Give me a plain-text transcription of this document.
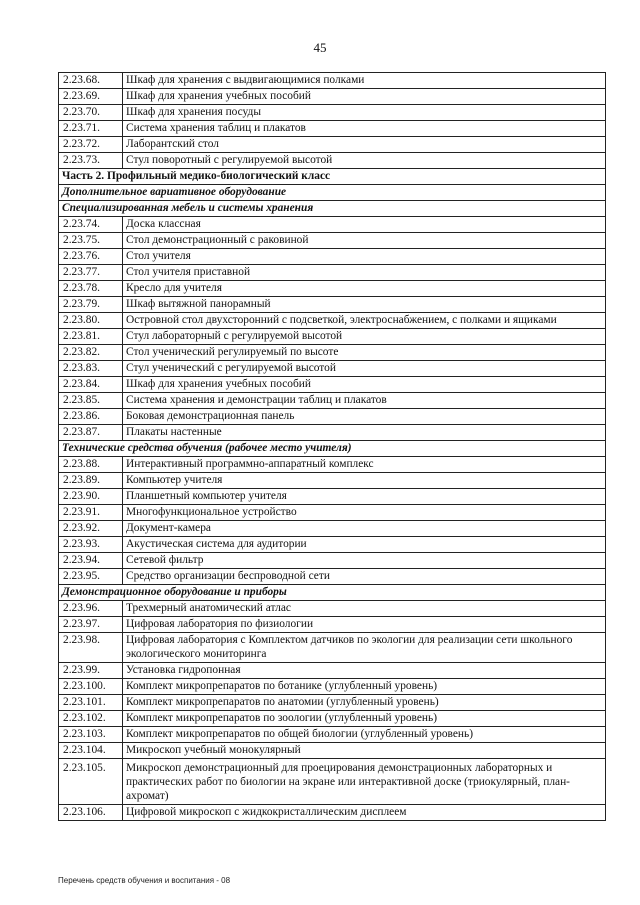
45
2.23.68.	Шкаф для хранения с выдвигающимися полками
2.23.69.	Шкаф для хранения учебных пособий
2.23.70.	Шкаф для хранения посуды
2.23.71.	Система хранения таблиц и плакатов
2.23.72.	Лаборантский стол
2.23.73.	Стул поворотный с регулируемой высотой
Часть 2. Профильный медико-биологический класс	
Дополнительное вариативное оборудование	
Специализированная мебель и системы хранения	
2.23.74.	Доска классная
2.23.75.	Стол демонстрационный с раковиной
2.23.76.	Стол учителя
2.23.77.	Стол учителя приставной
2.23.78.	Кресло для учителя
2.23.79.	Шкаф вытяжной панорамный
2.23.80.	Островной стол двухсторонний с подсветкой, электроснабжением, с полками и ящиками
2.23.81.	Стул лабораторный с регулируемой высотой
2.23.82.	Стол ученический регулируемый по высоте
2.23.83.	Стул ученический с регулируемой высотой
2.23.84.	Шкаф для хранения учебных пособий
2.23.85.	Система хранения и демонстрации таблиц и плакатов
2.23.86.	Боковая демонстрационная панель
2.23.87.	Плакаты настенные
Технические средства обучения (рабочее место учителя)	
2.23.88.	Интерактивный программно-аппаратный комплекс
2.23.89.	Компьютер учителя
2.23.90.	Планшетный компьютер учителя
2.23.91.	Многофункциональное устройство
2.23.92.	Документ-камера
2.23.93.	Акустическая система для аудитории
2.23.94.	Сетевой фильтр
2.23.95.	Средство организации беспроводной сети
Демонстрационное оборудование и приборы	
2.23.96.	Трехмерный анатомический атлас
2.23.97.	Цифровая лаборатория по физиологии
2.23.98.	Цифровая лаборатория с Комплектом датчиков по экологии для реализации сети школьного экологического мониторинга
2.23.99.	Установка гидропонная
2.23.100.	Комплект микропрепаратов по ботанике (углубленный уровень)
2.23.101.	Комплект микропрепаратов по анатомии (углубленный уровень)
2.23.102.	Комплект микропрепаратов по зоологии (углубленный уровень)
2.23.103.	Комплект микропрепаратов по общей биологии (углубленный уровень)
2.23.104.	Микроскоп учебный монокулярный
2.23.105.	Микроскоп демонстрационный для проецирования демонстрационных лабораторных и практических работ по биологии на экране или интерактивной доске (триокулярный, план-ахромат)
2.23.106.	Цифровой микроскоп с жидкокристаллическим дисплеем
Перечень средств обучения и воспитания - 08
